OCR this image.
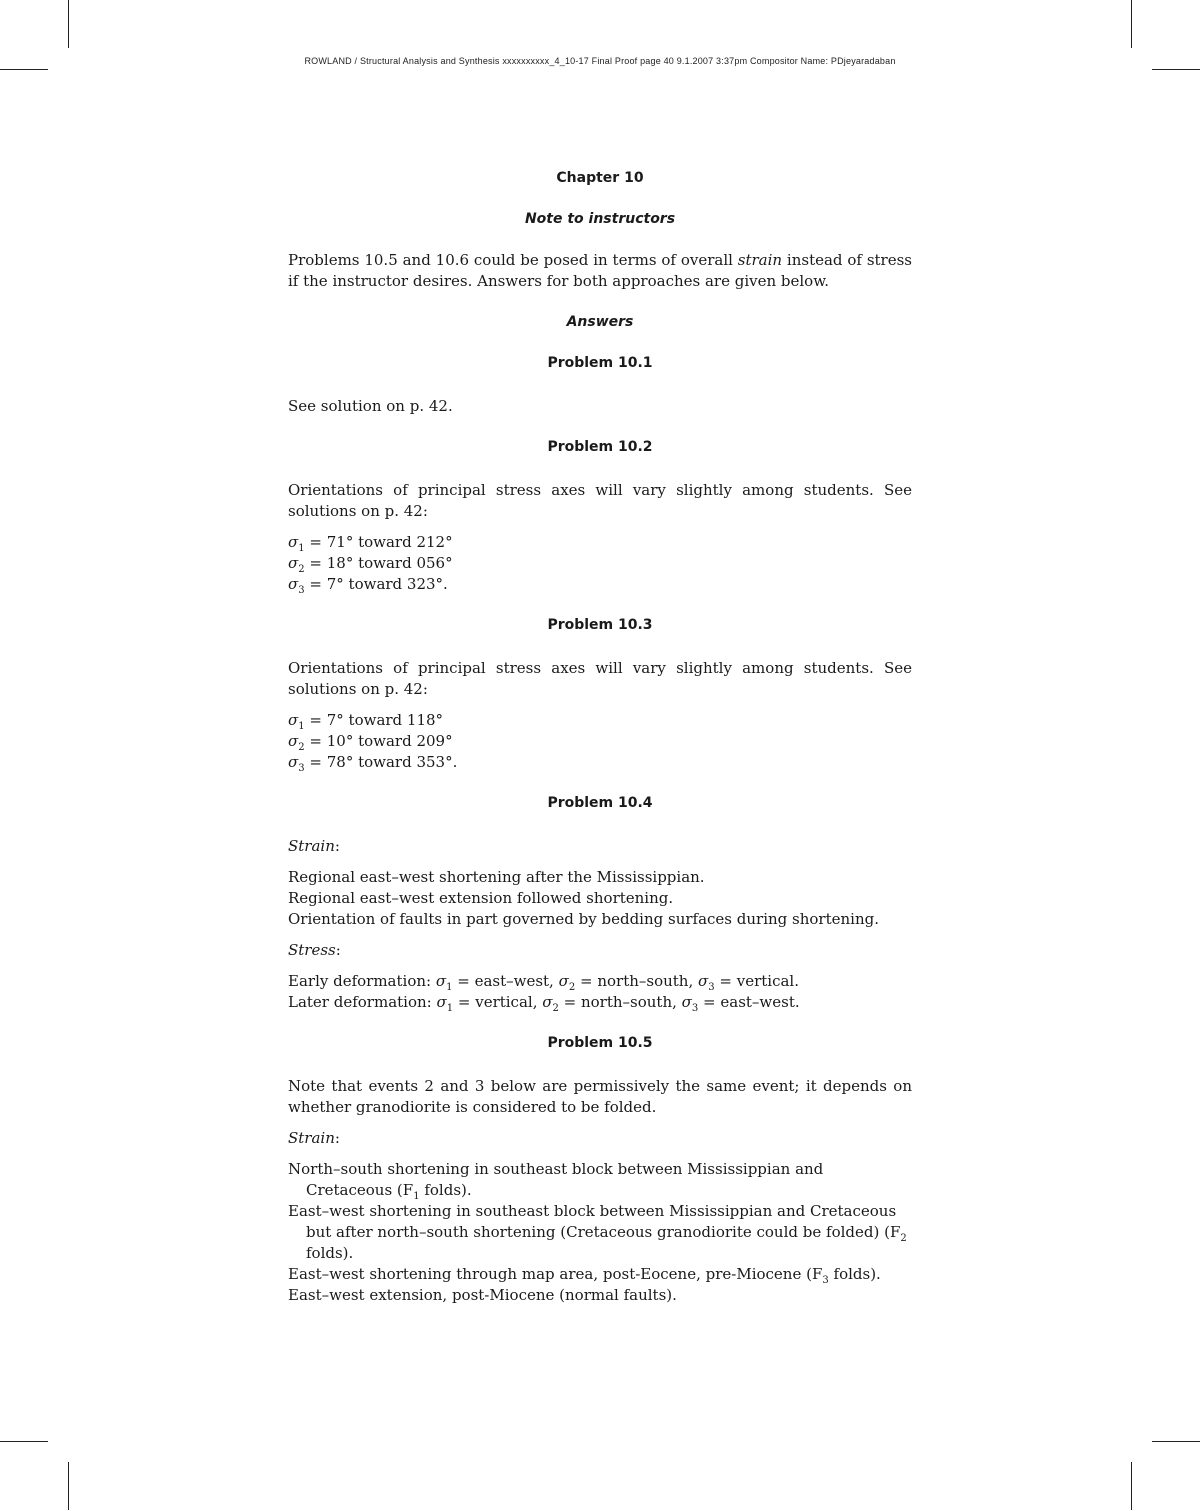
ROWLAND / Structural Analysis and Synthesis xxxxxxxxxx_4_10-17 Final Proof page 40 9.1.2007 3:37pm Compositor Name: PDjeyaradaban
Chapter 10
Note to instructors

Problems 10.5 and 10.6 could be posed in terms of overall strain instead of stress if the instructor desires. Answers for both approaches are given below.

Answers
Problem 10.1

See solution on p. 42.

Problem 10.2

Orientations of principal stress axes will vary slightly among students. See solutions on p. 42:

$\sigma_1 = 71^\circ$ toward 212°

$\sigma_2 = 18^\circ$ toward 056°

$\sigma_3 = 7^\circ$ toward 323°.

Problem 10.3

Orientations of principal stress axes will vary slightly among students. See solutions on p. 42:

$\sigma_1 = 7^\circ$ toward 118°

$\sigma_2 = 10^\circ$ toward 209°

$\sigma_3 = 78^\circ$ toward 353°.

Problem 10.4

Strain:

Regional east–west shortening after the Mississippian.

Regional east–west extension followed shortening.

Orientation of faults in part governed by bedding surfaces during shortening.

Stress:

Early deformation: $\sigma_1$ = east–west, $\sigma_2$ = north–south, $\sigma_3$ = vertical.

Later deformation: $\sigma_1$ = vertical, $\sigma_2$ = north–south, $\sigma_3$ = east–west.

Problem 10.5

Note that events 2 and 3 below are permissively the same event; it depends on whether granodiorite is considered to be folded.

Strain:

North–south shortening in southeast block between Mississippian and Cretaceous ($F_1$ folds).

East–west shortening in southeast block between Mississippian and Cretaceous but after north–south shortening (Cretaceous granodiorite could be folded) ($F_2$ folds).

East–west shortening through map area, post-Eocene, pre-Miocene ($F_3$ folds).

East–west extension, post-Miocene (normal faults).
